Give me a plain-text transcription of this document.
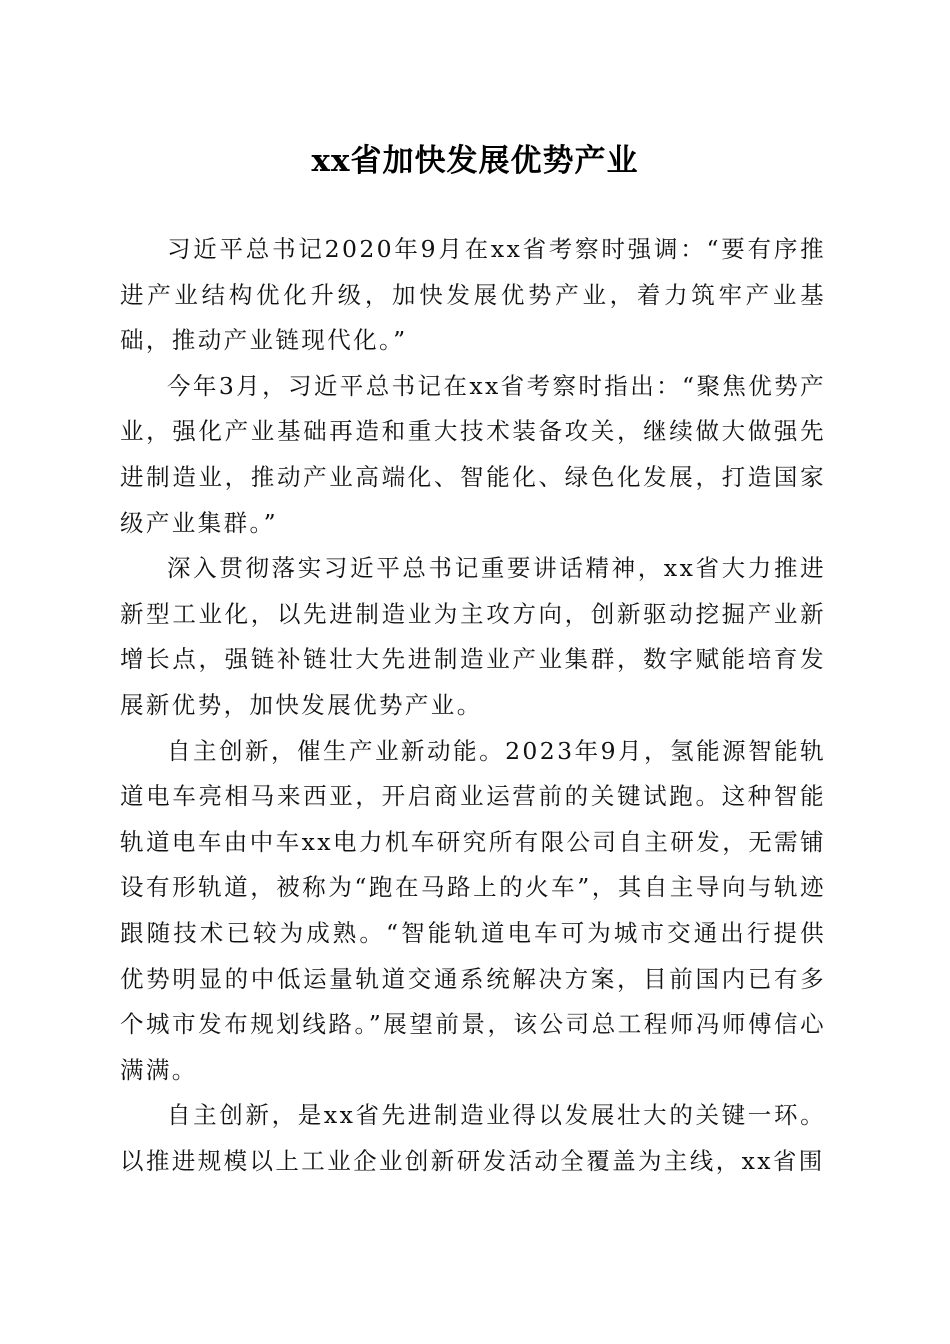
xx省加快发展优势产业

习近平总书记2020年9月在xx省考察时强调：“要有序推进产业结构优化升级，加快发展优势产业，着力筑牢产业基础，推动产业链现代化。”

今年3月，习近平总书记在xx省考察时指出：“聚焦优势产业，强化产业基础再造和重大技术装备攻关，继续做大做强先进制造业，推动产业高端化、智能化、绿色化发展，打造国家级产业集群。”

深入贯彻落实习近平总书记重要讲话精神，xx省大力推进新型工业化，以先进制造业为主攻方向，创新驱动挖掘产业新增长点，强链补链壮大先进制造业产业集群，数字赋能培育发展新优势，加快发展优势产业。

自主创新，催生产业新动能。2023年9月，氢能源智能轨道电车亮相马来西亚，开启商业运营前的关键试跑。这种智能轨道电车由中车xx电力机车研究所有限公司自主研发，无需铺设有形轨道，被称为“跑在马路上的火车”，其自主导向与轨迹跟随技术已较为成熟。“智能轨道电车可为城市交通出行提供优势明显的中低运量轨道交通系统解决方案，目前国内已有多个城市发布规划线路。”展望前景，该公司总工程师冯师傅信心满满。

自主创新，是xx省先进制造业得以发展壮大的关键一环。以推进规模以上工业企业创新研发活动全覆盖为主线，xx省围
